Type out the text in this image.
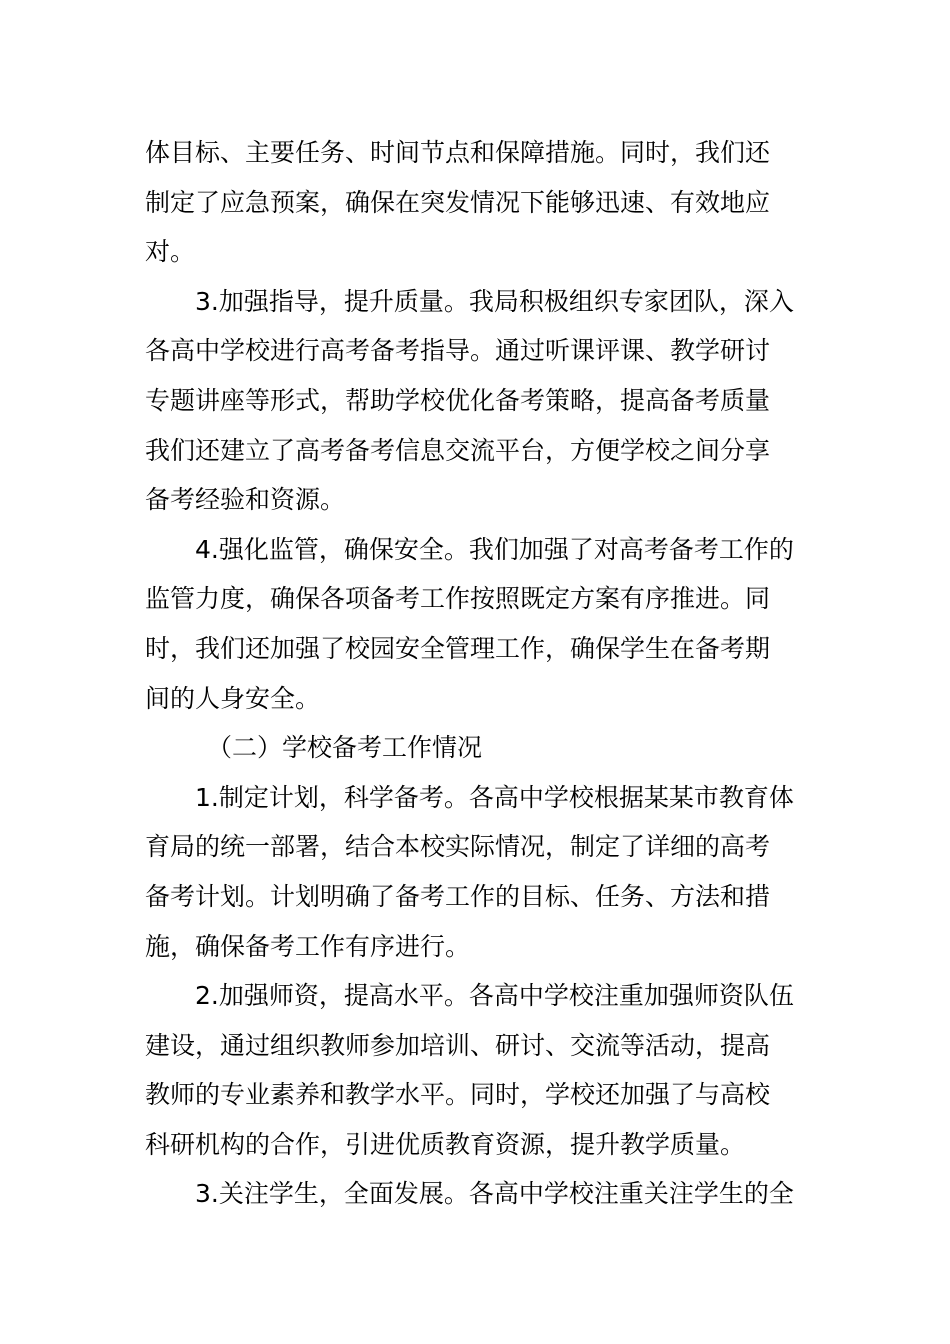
体目标、主要任务、时间节点和保障措施。同时，我们还
制定了应急预案，确保在突发情况下能够迅速、有效地应
对。
3.加强指导，提升质量。我局积极组织专家团队，深入
各高中学校进行高考备考指导。通过听课评课、教学研讨
专题讲座等形式，帮助学校优化备考策略，提高备考质量
我们还建立了高考备考信息交流平台，方便学校之间分享
备考经验和资源。
4.强化监管，确保安全。我们加强了对高考备考工作的
监管力度，确保各项备考工作按照既定方案有序推进。同
时，我们还加强了校园安全管理工作，确保学生在备考期
间的人身安全。
（二）学校备考工作情况
1.制定计划，科学备考。各高中学校根据某某市教育体
育局的统一部署，结合本校实际情况，制定了详细的高考
备考计划。计划明确了备考工作的目标、任务、方法和措
施，确保备考工作有序进行。
2.加强师资，提高水平。各高中学校注重加强师资队伍
建设，通过组织教师参加培训、研讨、交流等活动，提高
教师的专业素养和教学水平。同时，学校还加强了与高校
科研机构的合作，引进优质教育资源，提升教学质量。
3.关注学生，全面发展。各高中学校注重关注学生的全
